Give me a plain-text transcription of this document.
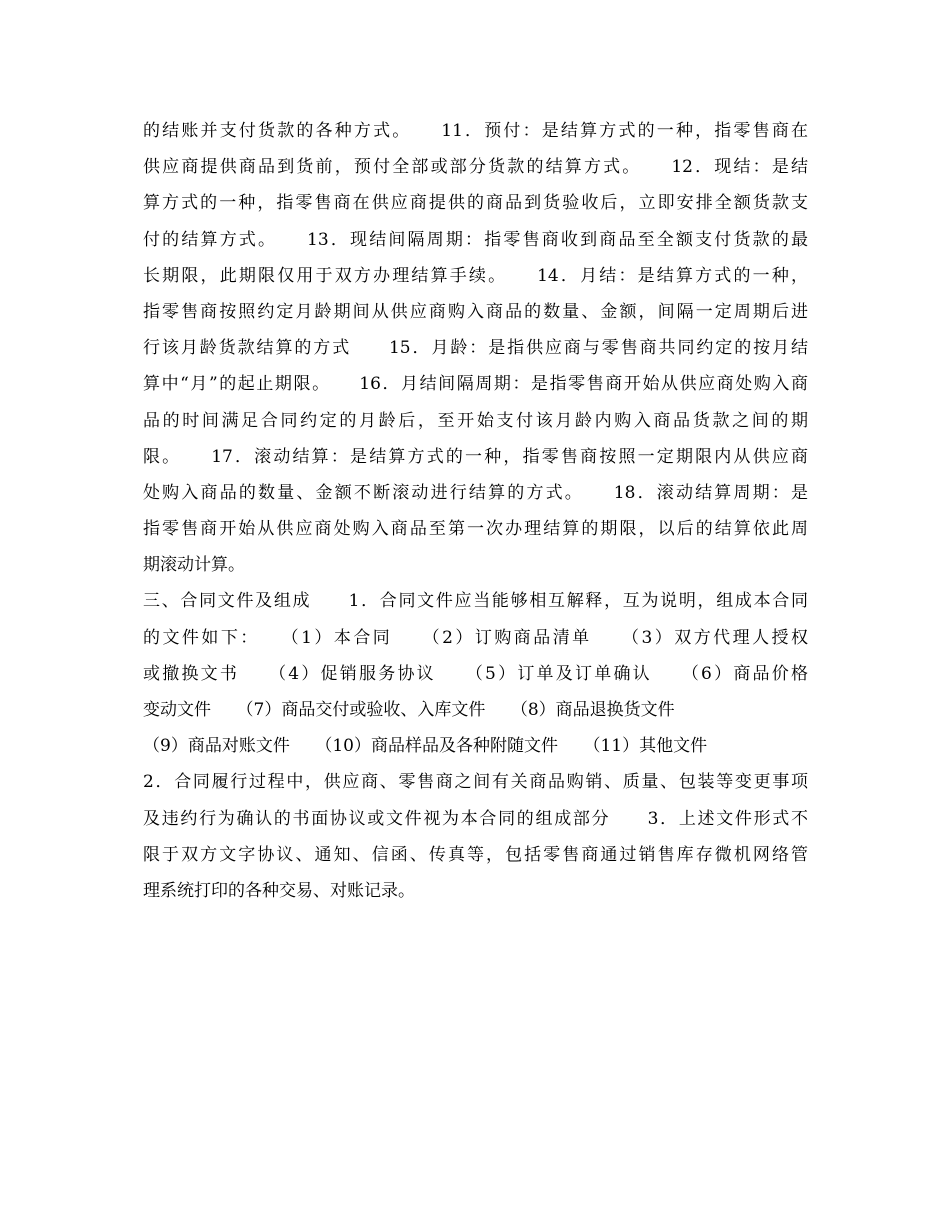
的结账并支付货款的各种方式。　　11．预付：是结算方式的一种，指零售商在
供应商提供商品到货前，预付全部或部分货款的结算方式。　　12．现结：是结
算方式的一种，指零售商在供应商提供的商品到货验收后，立即安排全额货款支
付的结算方式。　　13．现结间隔周期：指零售商收到商品至全额支付货款的最
长期限，此期限仅用于双方办理结算手续。　　14．月结：是结算方式的一种，
指零售商按照约定月龄期间从供应商购入商品的数量、金额，间隔一定周期后进
行该月龄货款结算的方式　　15．月龄：是指供应商与零售商共同约定的按月结
算中“月”的起止期限。　　16．月结间隔周期：是指零售商开始从供应商处购入商
品的时间满足合同约定的月龄后，至开始支付该月龄内购入商品货款之间的期
限。　　17．滚动结算：是结算方式的一种，指零售商按照一定期限内从供应商
处购入商品的数量、金额不断滚动进行结算的方式。　　18．滚动结算周期：是
指零售商开始从供应商处购入商品至第一次办理结算的期限，以后的结算依此周
期滚动计算。
三、合同文件及组成　　1．合同文件应当能够相互解释，互为说明，组成本合同
的文件如下：　　（1）本合同　　（2）订购商品清单　　（3）双方代理人授权
或撤换文书　　（4）促销服务协议　　（5）订单及订单确认　　（6）商品价格
变动文件　　（7）商品交付或验收、入库文件　　（8）商品退换货文件
（9）商品对账文件　　（10）商品样品及各种附随文件　　（11）其他文件
2．合同履行过程中，供应商、零售商之间有关商品购销、质量、包装等变更事项
及违约行为确认的书面协议或文件视为本合同的组成部分　　3．上述文件形式不
限于双方文字协议、通知、信函、传真等，包括零售商通过销售库存微机网络管
理系统打印的各种交易、对账记录。
